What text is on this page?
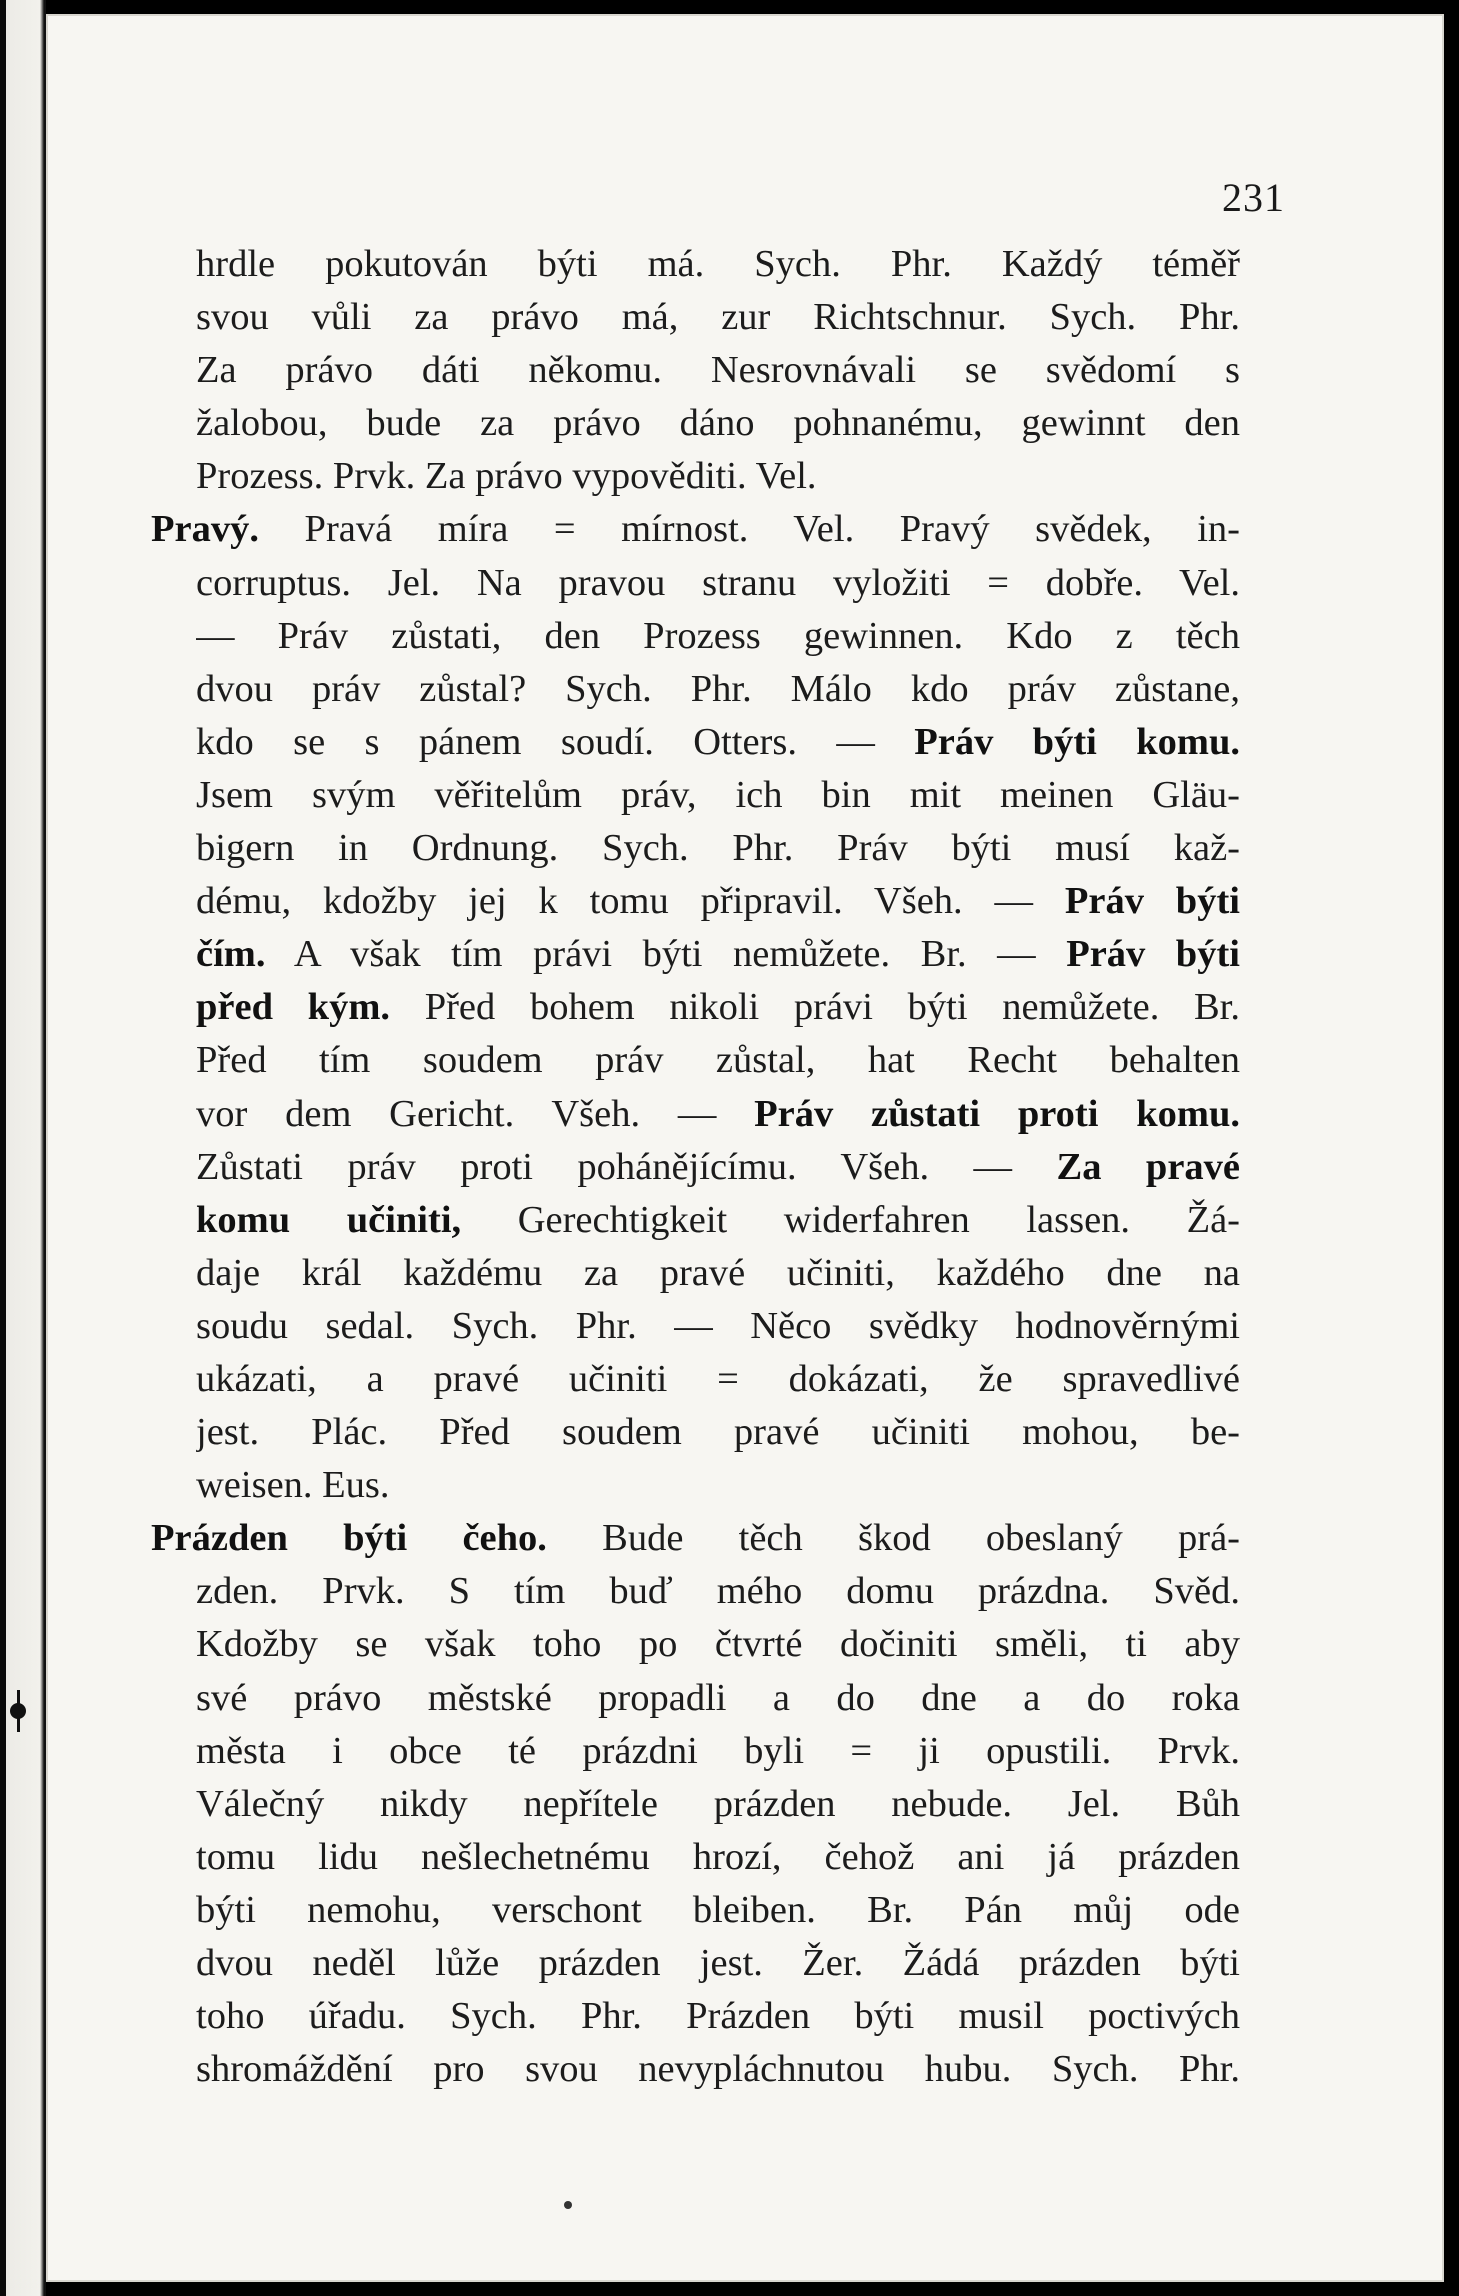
231
hrdle pokutován býti má. Sych. Phr. Každý téměř
svou vůli za právo má, zur Richtschnur. Sych. Phr.
Za právo dáti někomu. Nesrovnávali se svědomí s
žalobou, bude za právo dáno pohnanému, gewinnt den
Prozess. Prvk. Za právo vypověditi. Vel.
Pravý. Pravá míra = mírnost. Vel. Pravý svědek, in-
corruptus. Jel. Na pravou stranu vyložiti = dobře. Vel.
— Práv zůstati, den Prozess gewinnen. Kdo z těch
dvou práv zůstal? Sych. Phr. Málo kdo práv zůstane,
kdo se s pánem soudí. Otters. — Práv býti komu.
Jsem svým věřitelům práv, ich bin mit meinen Gläu-
bigern in Ordnung. Sych. Phr. Práv býti musí kaž-
dému, kdožby jej k tomu připravil. Všeh. — Práv býti
čím. A však tím právi býti nemůžete. Br. — Práv býti
před kým. Před bohem nikoli právi býti nemůžete. Br.
Před tím soudem práv zůstal, hat Recht behalten
vor dem Gericht. Všeh. — Práv zůstati proti komu.
Zůstati práv proti pohánějícímu. Všeh. — Za pravé
komu učiniti, Gerechtigkeit widerfahren lassen. Žá-
daje král každému za pravé učiniti, každého dne na
soudu sedal. Sych. Phr. — Něco svědky hodnověrnými
ukázati, a pravé učiniti = dokázati, že spravedlivé
jest. Plác. Před soudem pravé učiniti mohou, be-
weisen. Eus.
Prázden býti čeho. Bude těch škod obeslaný prá-
zden. Prvk. S tím buď mého domu prázdna. Svěd.
Kdožby se však toho po čtvrté dočiniti směli, ti aby
své právo městské propadli a do dne a do roka
města i obce té prázdni byli = ji opustili. Prvk.
Válečný nikdy nepřítele prázden nebude. Jel. Bůh
tomu lidu nešlechetnému hrozí, čehož ani já prázden
býti nemohu, verschont bleiben. Br. Pán můj ode
dvou neděl lůže prázden jest. Žer. Žádá prázden býti
toho úřadu. Sych. Phr. Prázden býti musil poctivých
shromáždění pro svou nevypláchnutou hubu. Sych. Phr.
